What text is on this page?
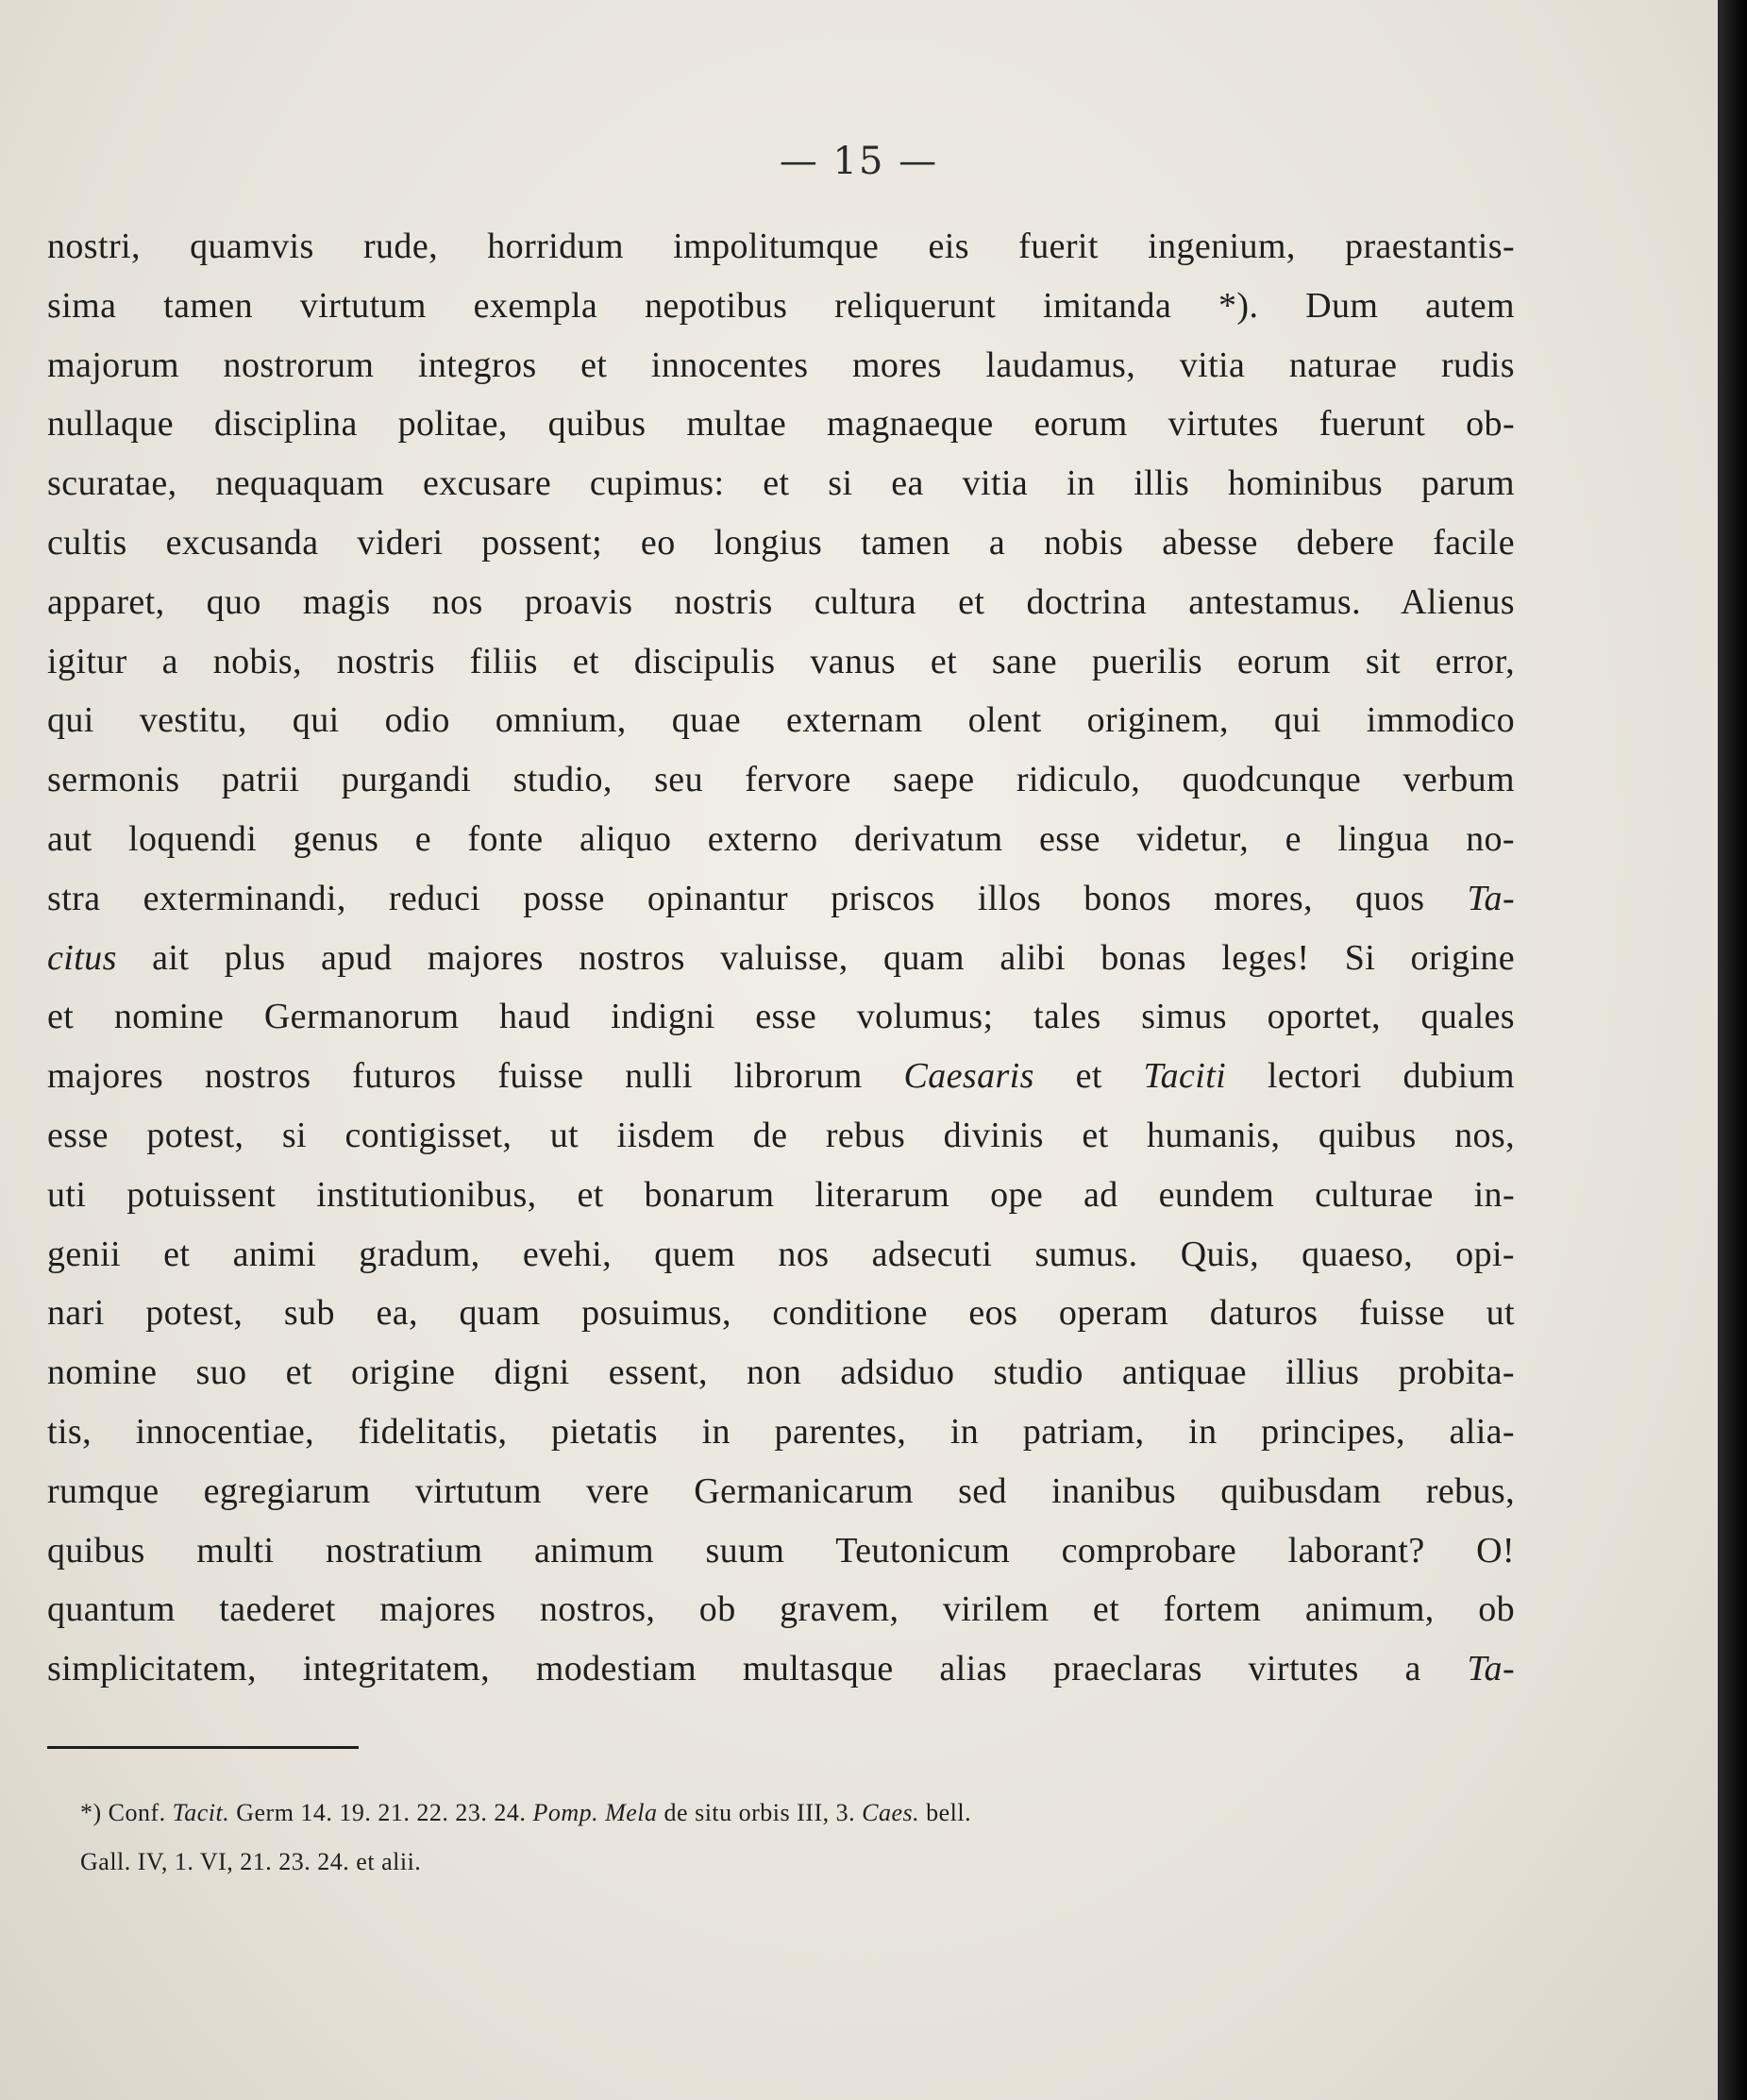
— 15 —
nostri, quamvis rude, horridum impolitumque eis fuerit ingenium, praestantis-
sima tamen virtutum exempla nepotibus reliquerunt imitanda *). Dum autem
majorum nostrorum integros et innocentes mores laudamus, vitia naturae rudis
nullaque disciplina politae, quibus multae magnaeque eorum virtutes fuerunt ob-
scuratae, nequaquam excusare cupimus: et si ea vitia in illis hominibus parum
cultis excusanda videri possent; eo longius tamen a nobis abesse debere facile
apparet, quo magis nos proavis nostris cultura et doctrina antestamus. Alienus
igitur a nobis, nostris filiis et discipulis vanus et sane puerilis eorum sit error,
qui vestitu, qui odio omnium, quae externam olent originem, qui immodico
sermonis patrii purgandi studio, seu fervore saepe ridiculo, quodcunque verbum
aut loquendi genus e fonte aliquo externo derivatum esse videtur, e lingua no-
stra exterminandi, reduci posse opinantur priscos illos bonos mores, quos Ta-
citus ait plus apud majores nostros valuisse, quam alibi bonas leges! Si origine
et nomine Germanorum haud indigni esse volumus; tales simus oportet, quales
majores nostros futuros fuisse nulli librorum Caesaris et Taciti lectori dubium
esse potest, si contigisset, ut iisdem de rebus divinis et humanis, quibus nos,
uti potuissent institutionibus, et bonarum literarum ope ad eundem culturae in-
genii et animi gradum, evehi, quem nos adsecuti sumus. Quis, quaeso, opi-
nari potest, sub ea, quam posuimus, conditione eos operam daturos fuisse ut
nomine suo et origine digni essent, non adsiduo studio antiquae illius probita-
tis, innocentiae, fidelitatis, pietatis in parentes, in patriam, in principes, alia-
rumque egregiarum virtutum vere Germanicarum sed inanibus quibusdam rebus,
quibus multi nostratium animum suum Teutonicum comprobare laborant? O!
quantum taederet majores nostros, ob gravem, virilem et fortem animum, ob
simplicitatem, integritatem, modestiam multasque alias praeclaras virtutes a Ta-
*) Conf. Tacit. Germ 14. 19. 21. 22. 23. 24. Pomp. Mela de situ orbis III, 3. Caes. bell.
Gall. IV, 1. VI, 21. 23. 24. et alii.
